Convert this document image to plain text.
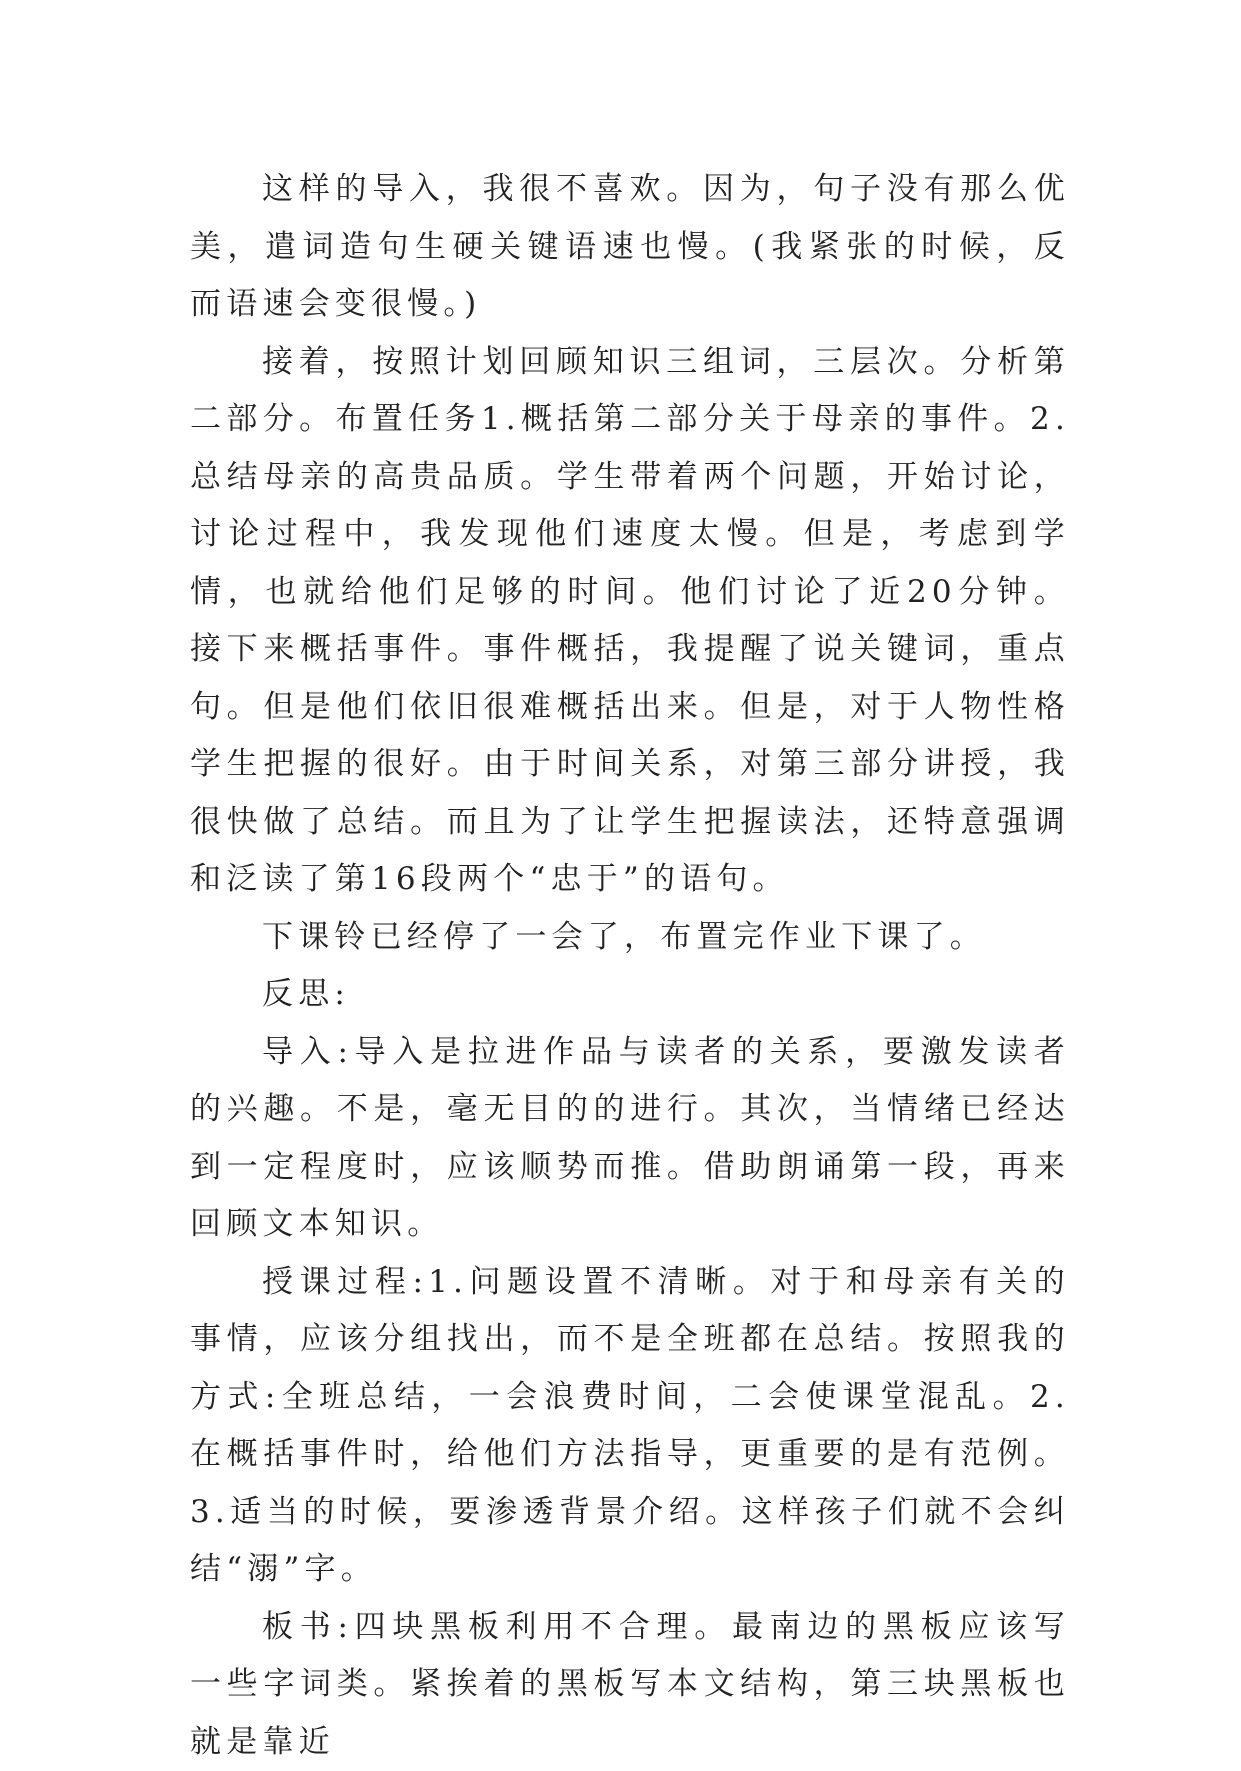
这样的导入，我很不喜欢。因为，句子没有那么优美，遣词造句生硬关键语速也慢。(我紧张的时候，反而语速会变很慢。)

接着，按照计划回顾知识三组词，三层次。分析第二部分。布置任务1.概括第二部分关于母亲的事件。2.总结母亲的高贵品质。学生带着两个问题，开始讨论，讨论过程中，我发现他们速度太慢。但是，考虑到学情，也就给他们足够的时间。他们讨论了近20分钟。接下来概括事件。事件概括，我提醒了说关键词，重点句。但是他们依旧很难概括出来。但是，对于人物性格学生把握的很好。由于时间关系，对第三部分讲授，我很快做了总结。而且为了让学生把握读法，还特意强调和泛读了第16段两个“忠于”的语句。

下课铃已经停了一会了，布置完作业下课了。

反思:

导入:导入是拉进作品与读者的关系，要激发读者的兴趣。不是，毫无目的的进行。其次，当情绪已经达到一定程度时，应该顺势而推。借助朗诵第一段，再来回顾文本知识。

授课过程:1.问题设置不清晰。对于和母亲有关的事情，应该分组找出，而不是全班都在总结。按照我的方式:全班总结，一会浪费时间，二会使课堂混乱。2.在概括事件时，给他们方法指导，更重要的是有范例。3.适当的时候，要渗透背景介绍。这样孩子们就不会纠结“溺”字。

板书:四块黑板利用不合理。最南边的黑板应该写一些字词类。紧挨着的黑板写本文结构，第三块黑板也就是靠近
